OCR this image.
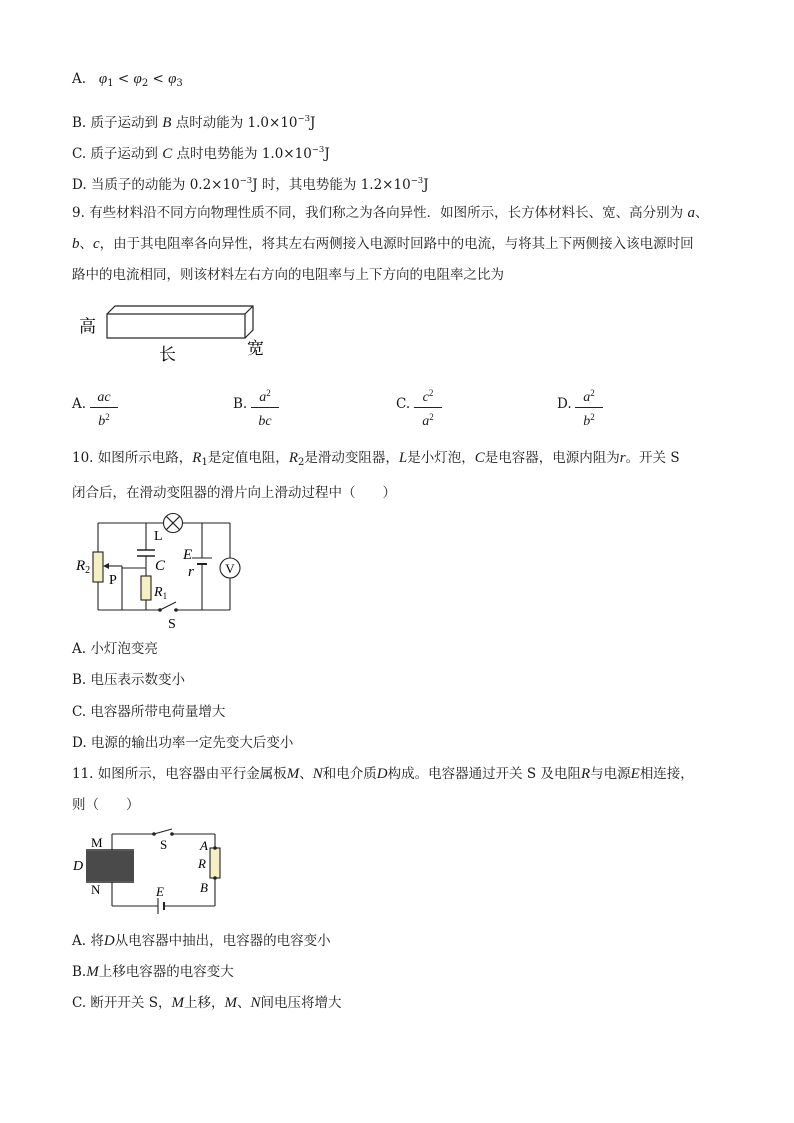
A. $\varphi_1 < \varphi_2 < \varphi_3$
B. 质子运动到 B 点时动能为 $1.0\times 10^{-3}J$
C. 质子运动到 C 点时电势能为 $1.0\times 10^{-3}J$
D. 当质子的动能为 $0.2\times 10^{-3}J$ 时，其电势能为 $1.2\times 10^{-3}J$
9. 有些材料沿不同方向物理性质不同，我们称之为各向异性．如图所示，长方体材料长、宽、高分别为 a、
b、c，由于其电阻率各向异性，将其左右两侧接入电源时回路中的电流，与将其上下两侧接入该电源时回
路中的电流相同，则该材料左右方向的电阻率与上下方向的电阻率之比为
高
长	宽
A. ac
$b^2$
B. $a^2$
bc
C. $c^2$
$a^2$
D. $a^2$
$b^2$
10. 如图所示电路，$R_1$是定值电阻，$R_2$是滑动变阻器，L是小灯泡，C是电容器，电源内阻为r。开关 S
闭合后，在滑动变阻器的滑片向上滑动过程中（　　）
V
L
C
E
r
$R_2$
P
$R_1$
S
A. 小灯泡变亮
B. 电压表示数变小
C. 电容器所带电荷量增大
D. 电源的输出功率一定先变大后变小
11. 如图所示，电容器由平行金属板M、N和电介质D构成。电容器通过开关 S 及电阻R与电源E相连接，
则（　　）
M
N
D
S	A
R
B
E
A. 将D从电容器中抽出，电容器的电容变小
B.M上移电容器的电容变大
C. 断开开关 S，M上移，M、N间电压将增大
